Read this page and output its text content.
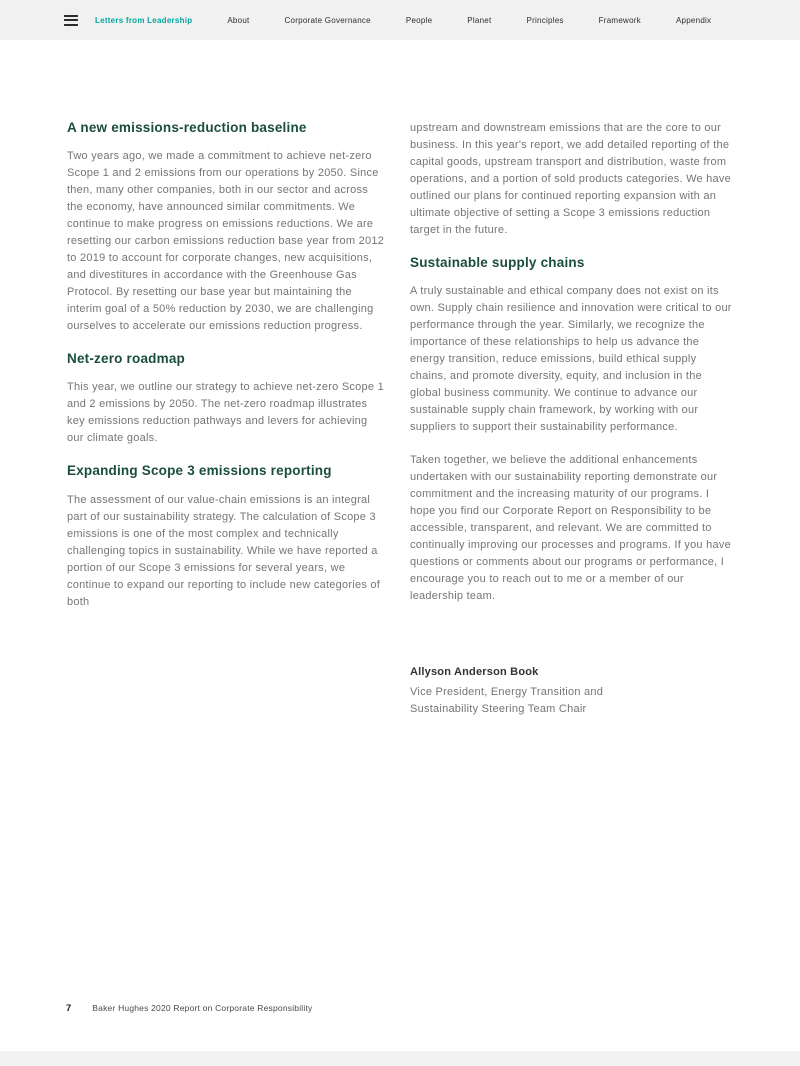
Letters from Leadership	About	Corporate Governance	People	Planet	Principles	Framework	Appendix
A new emissions-reduction baseline

Two years ago, we made a commitment to achieve net-zero Scope 1 and 2 emissions from our operations by 2050. Since then, many other companies, both in our sector and across the economy, have announced similar commitments. We continue to make progress on emissions reductions. We are resetting our carbon emissions reduction base year from 2012 to 2019 to account for corporate changes, new acquisitions, and divestitures in accordance with the Greenhouse Gas Protocol. By resetting our base year but maintaining the interim goal of a 50% reduction by 2030, we are challenging ourselves to accelerate our emissions reduction progress.

Net-zero roadmap

This year, we outline our strategy to achieve net-zero Scope 1 and 2 emissions by 2050. The net-zero roadmap illustrates key emissions reduction pathways and levers for achieving our climate goals.

Expanding Scope 3 emissions reporting

The assessment of our value-chain emissions is an integral part of our sustainability strategy. The calculation of Scope 3 emissions is one of the most complex and technically challenging topics in sustainability. While we have reported a portion of our Scope 3 emissions for several years, we continue to expand our reporting to include new categories of both

upstream and downstream emissions that are the core to our business. In this year's report, we add detailed reporting of the capital goods, upstream transport and distribution, waste from operations, and a portion of sold products categories. We have outlined our plans for continued reporting expansion with an ultimate objective of setting a Scope 3 emissions reduction target in the future.

Sustainable supply chains

A truly sustainable and ethical company does not exist on its own. Supply chain resilience and innovation were critical to our performance through the year. Similarly, we recognize the importance of these relationships to help us advance the energy transition, reduce emissions, build ethical supply chains, and promote diversity, equity, and inclusion in the global business community. We continue to advance our sustainable supply chain framework, by working with our suppliers to support their sustainability performance.

Taken together, we believe the additional enhancements undertaken with our sustainability reporting demonstrate our commitment and the increasing maturity of our programs. I hope you find our Corporate Report on Responsibility to be accessible, transparent, and relevant. We are committed to continually improving our processes and programs. If you have questions or comments about our programs or performance, I encourage you to reach out to me or a member of our leadership team.

Allyson Anderson Book
Vice President, Energy Transition and
Sustainability Steering Team Chair
7 Baker Hughes 2020 Report on Corporate Responsibility
